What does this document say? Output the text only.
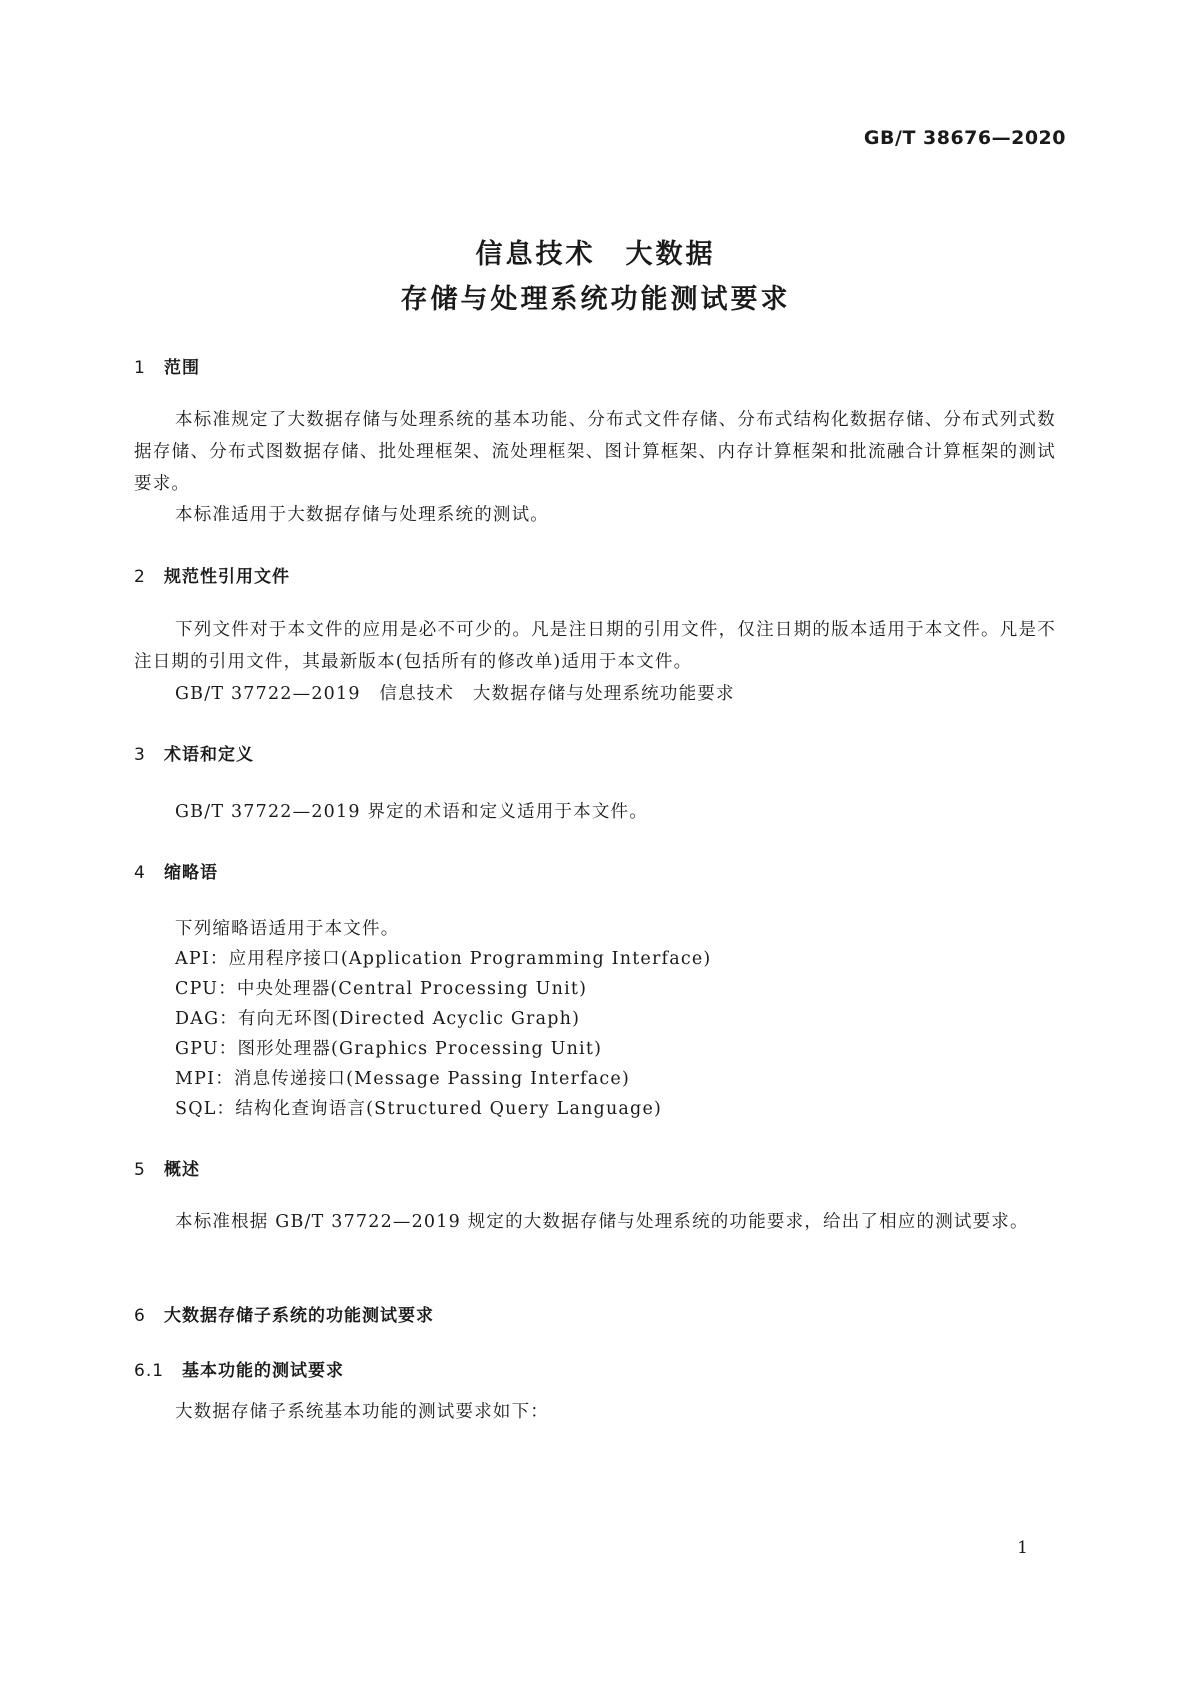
GB/T 38676—2020
信息技术　大数据
存储与处理系统功能测试要求
1 范围
本标准规定了大数据存储与处理系统的基本功能、分布式文件存储、分布式结构化数据存储、分布式列式数据存储、分布式图数据存储、批处理框架、流处理框架、图计算框架、内存计算框架和批流融合计算框架的测试要求。
本标准适用于大数据存储与处理系统的测试。
2 规范性引用文件
下列文件对于本文件的应用是必不可少的。凡是注日期的引用文件，仅注日期的版本适用于本文件。凡是不注日期的引用文件，其最新版本(包括所有的修改单)适用于本文件。
GB/T 37722—2019　信息技术　大数据存储与处理系统功能要求
3 术语和定义
GB/T 37722—2019 界定的术语和定义适用于本文件。
4 缩略语
下列缩略语适用于本文件。
API：应用程序接口(Application Programming Interface)
CPU：中央处理器(Central Processing Unit)
DAG：有向无环图(Directed Acyclic Graph)
GPU：图形处理器(Graphics Processing Unit)
MPI：消息传递接口(Message Passing Interface)
SQL：结构化查询语言(Structured Query Language)
5 概述
本标准根据 GB/T 37722—2019 规定的大数据存储与处理系统的功能要求，给出了相应的测试要求。
6 大数据存储子系统的功能测试要求
6.1 基本功能的测试要求
大数据存储子系统基本功能的测试要求如下：
1
